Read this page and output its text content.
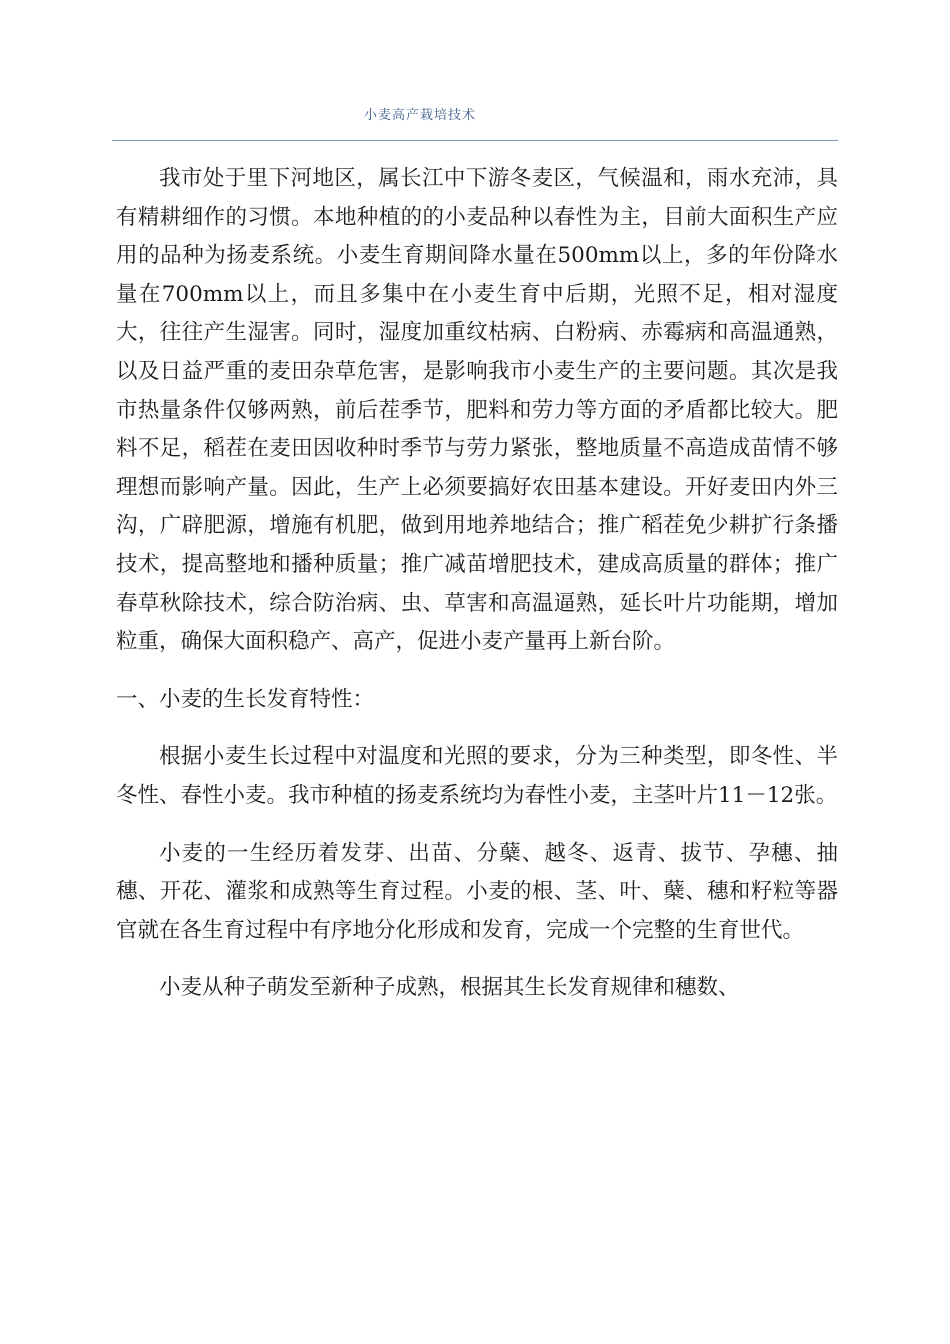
小麦高产栽培技术

我市处于里下河地区，属长江中下游冬麦区，气候温和，雨水充沛，具有精耕细作的习惯。本地种植的的小麦品种以春性为主，目前大面积生产应用的品种为扬麦系统。小麦生育期间降水量在500mm以上，多的年份降水量在700mm以上，而且多集中在小麦生育中后期，光照不足，相对湿度大，往往产生湿害。同时，湿度加重纹枯病、白粉病、赤霉病和高温通熟，以及日益严重的麦田杂草危害，是影响我市小麦生产的主要问题。其次是我市热量条件仅够两熟，前后茬季节，肥料和劳力等方面的矛盾都比较大。肥料不足，稻茬在麦田因收种时季节与劳力紧张，整地质量不高造成苗情不够理想而影响产量。因此，生产上必须要搞好农田基本建设。开好麦田内外三沟，广辟肥源，增施有机肥，做到用地养地结合；推广稻茬免少耕扩行条播技术，提高整地和播种质量；推广减苗增肥技术，建成高质量的群体；推广春草秋除技术，综合防治病、虫、草害和高温逼熟，延长叶片功能期，增加粒重，确保大面积稳产、高产，促进小麦产量再上新台阶。

一、小麦的生长发育特性：

根据小麦生长过程中对温度和光照的要求，分为三种类型，即冬性、半冬性、春性小麦。我市种植的扬麦系统均为春性小麦，主茎叶片11－12张。

小麦的一生经历着发芽、出苗、分蘖、越冬、返青、拔节、孕穗、抽穗、开花、灌浆和成熟等生育过程。小麦的根、茎、叶、蘖、穗和籽粒等器官就在各生育过程中有序地分化形成和发育，完成一个完整的生育世代。

小麦从种子萌发至新种子成熟，根据其生长发育规律和穗数、
